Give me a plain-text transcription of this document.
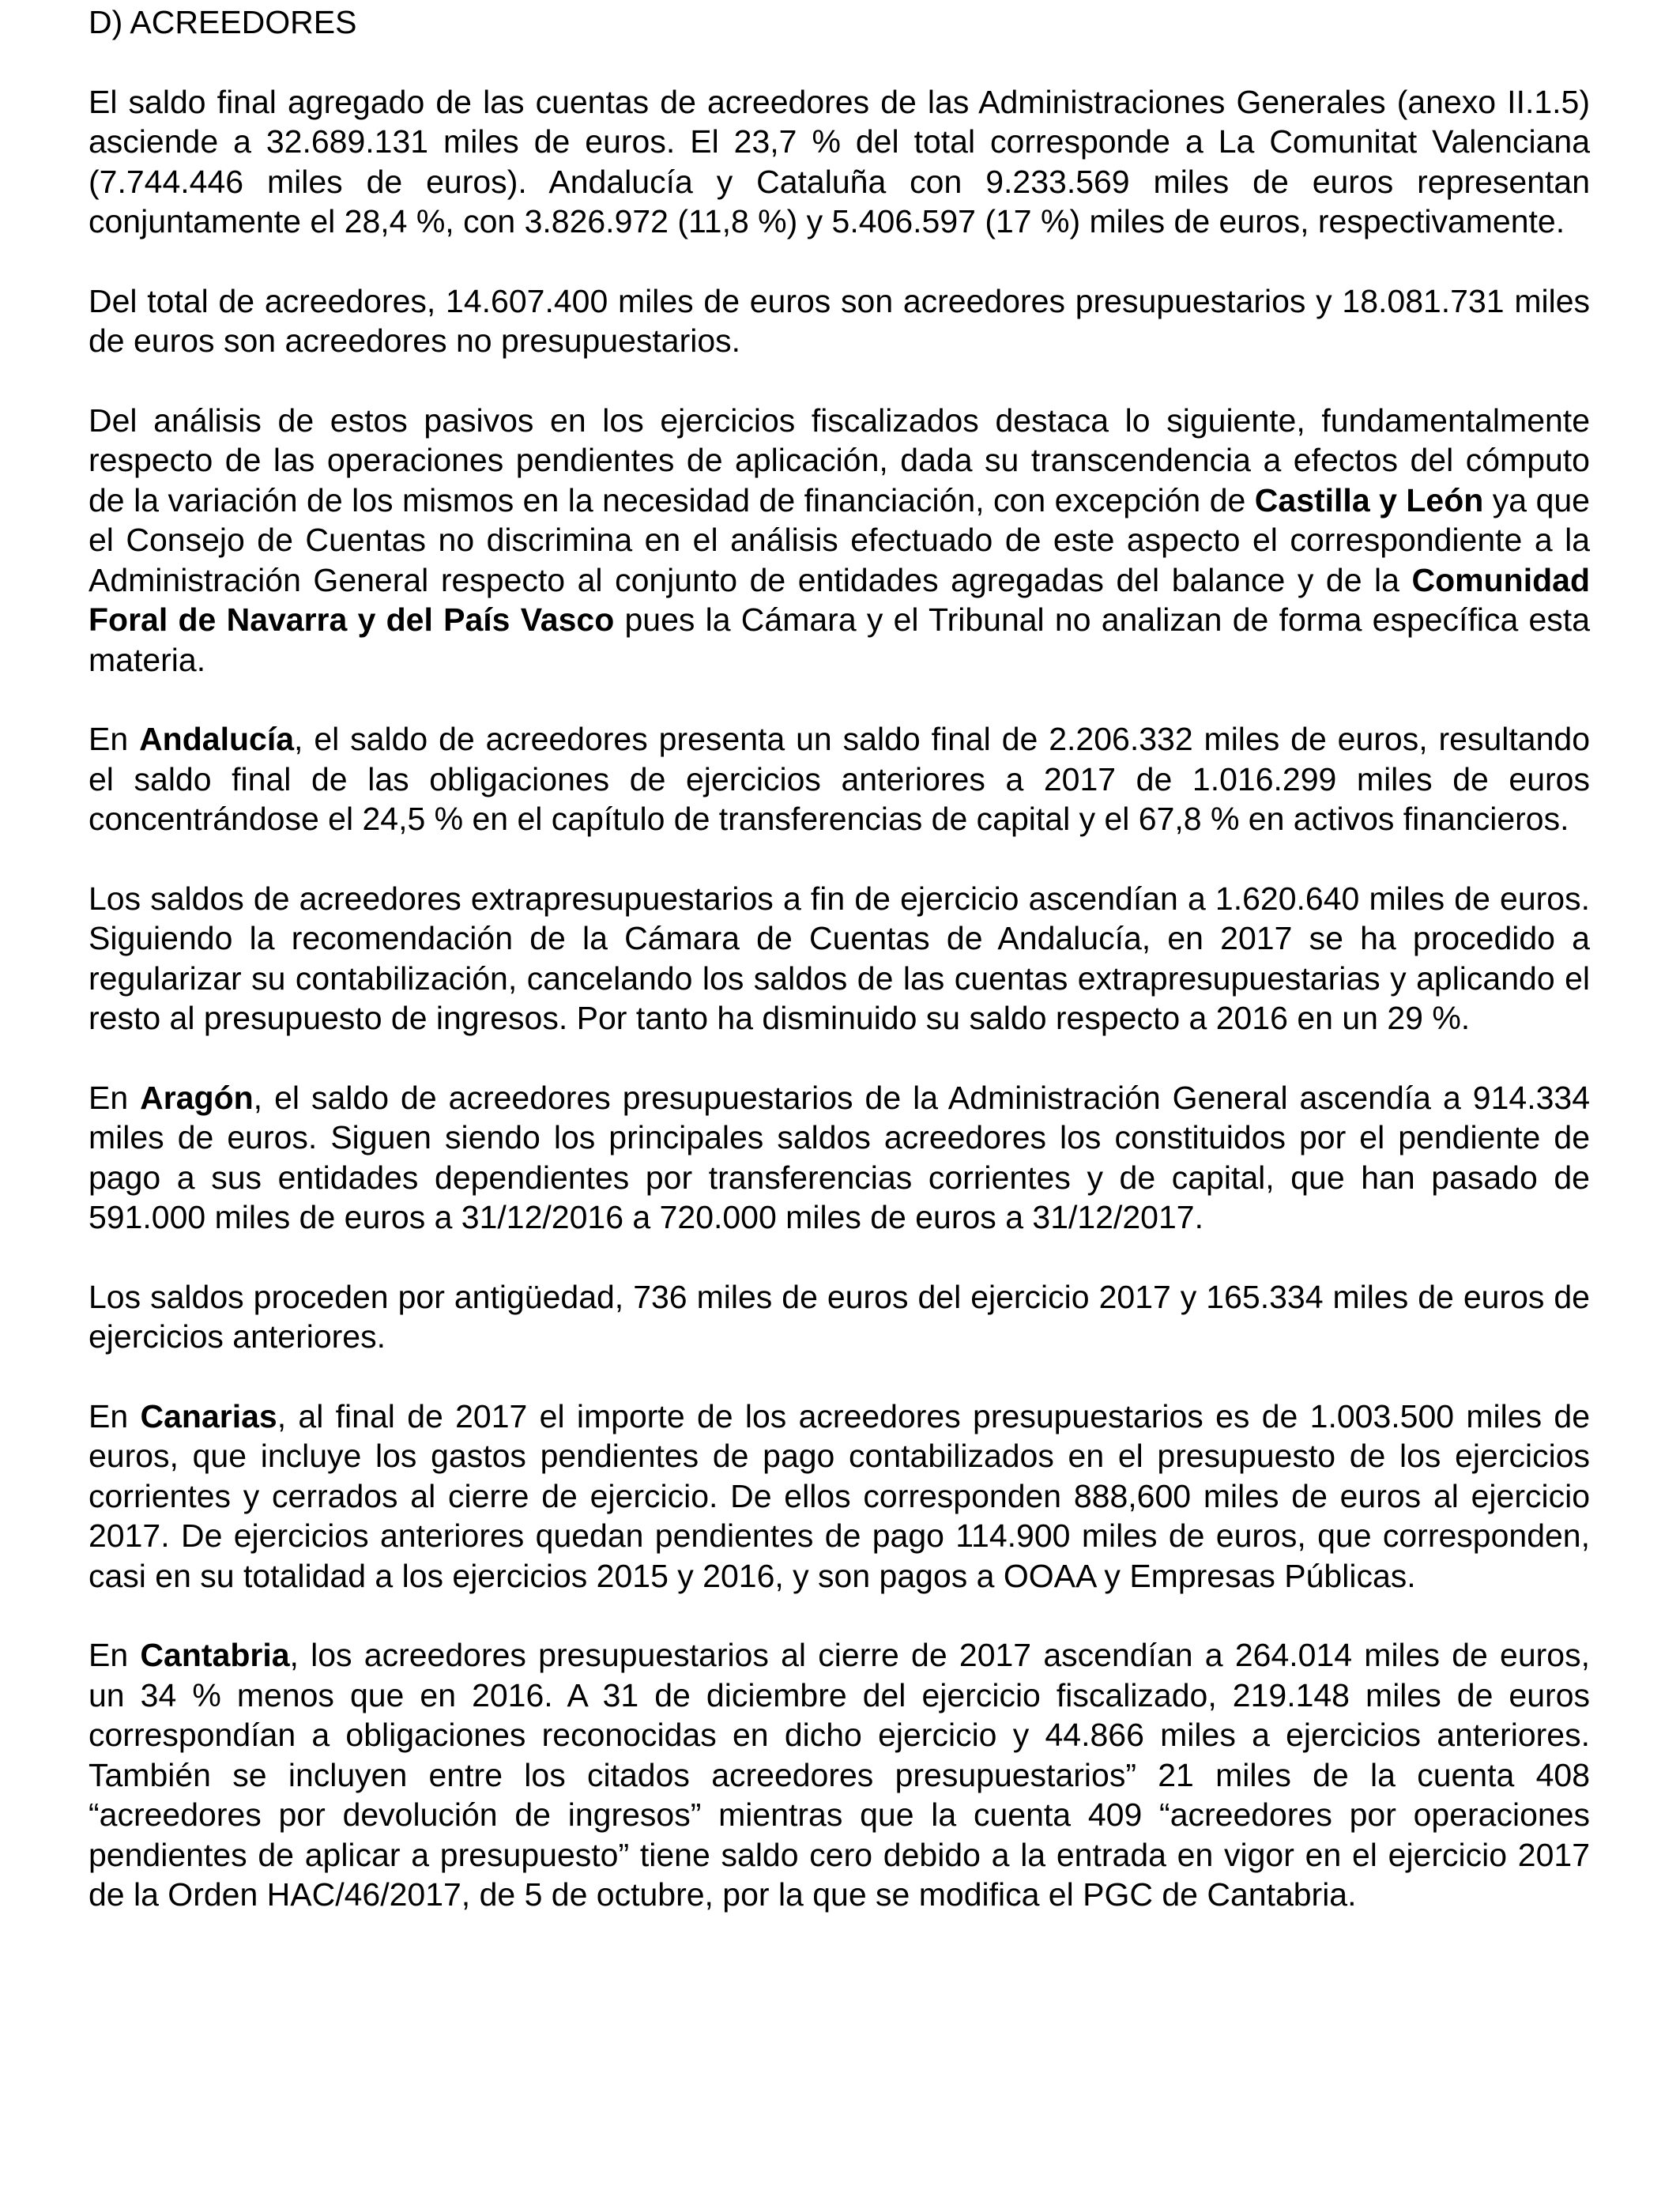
D) ACREEDORES

El saldo final agregado de las cuentas de acreedores de las Administraciones Generales (anexo II.1.5) asciende a 32.689.131 miles de euros. El 23,7 % del total corresponde a La Comunitat Valenciana (7.744.446 miles de euros). Andalucía y Cataluña con 9.233.569 miles de euros representan conjuntamente el 28,4 %, con 3.826.972 (11,8 %) y 5.406.597 (17 %) miles de euros, respectivamente.

Del total de acreedores, 14.607.400 miles de euros son acreedores presupuestarios y 18.081.731 miles de euros son acreedores no presupuestarios.

Del análisis de estos pasivos en los ejercicios fiscalizados destaca lo siguiente, fundamentalmente respecto de las operaciones pendientes de aplicación, dada su transcendencia a efectos del cómputo de la variación de los mismos en la necesidad de financiación, con excepción de Castilla y León ya que el Consejo de Cuentas no discrimina en el análisis efectuado de este aspecto el correspondiente a la Administración General respecto al conjunto de entidades agregadas del balance y de la Comunidad Foral de Navarra y del País Vasco pues la Cámara y el Tribunal no analizan de forma específica esta materia.

En Andalucía, el saldo de acreedores presenta un saldo final de 2.206.332 miles de euros, resultando el saldo final de las obligaciones de ejercicios anteriores a 2017 de 1.016.299 miles de euros concentrándose el 24,5 % en el capítulo de transferencias de capital y el 67,8 % en activos financieros.

Los saldos de acreedores extrapresupuestarios a fin de ejercicio ascendían a 1.620.640 miles de euros. Siguiendo la recomendación de la Cámara de Cuentas de Andalucía, en 2017 se ha procedido a regularizar su contabilización, cancelando los saldos de las cuentas extrapresupuestarias y aplicando el resto al presupuesto de ingresos. Por tanto ha disminuido su saldo respecto a 2016 en un 29 %.

En Aragón, el saldo de acreedores presupuestarios de la Administración General ascendía a 914.334 miles de euros. Siguen siendo los principales saldos acreedores los constituidos por el pendiente de pago a sus entidades dependientes por transferencias corrientes y de capital, que han pasado de 591.000 miles de euros a 31/12/2016 a 720.000 miles de euros a 31/12/2017.

Los saldos proceden por antigüedad, 736 miles de euros del ejercicio 2017 y 165.334 miles de euros de ejercicios anteriores.

En Canarias, al final de 2017 el importe de los acreedores presupuestarios es de 1.003.500 miles de euros, que incluye los gastos pendientes de pago contabilizados en el presupuesto de los ejercicios corrientes y cerrados al cierre de ejercicio. De ellos corresponden 888,600 miles de euros al ejercicio 2017. De ejercicios anteriores quedan pendientes de pago 114.900 miles de euros, que corresponden, casi en su totalidad a los ejercicios 2015 y 2016, y son pagos a OOAA y Empresas Públicas.

En Cantabria, los acreedores presupuestarios al cierre de 2017 ascendían a 264.014 miles de euros, un 34 % menos que en 2016. A 31 de diciembre del ejercicio fiscalizado, 219.148 miles de euros correspondían a obligaciones reconocidas en dicho ejercicio y 44.866 miles a ejercicios anteriores. También se incluyen entre los citados acreedores presupuestarios” 21 miles de la cuenta 408 “acreedores por devolución de ingresos” mientras que la cuenta 409 “acreedores por operaciones pendientes de aplicar a presupuesto” tiene saldo cero debido a la entrada en vigor en el ejercicio 2017 de la Orden HAC/46/2017, de 5 de octubre, por la que se modifica el PGC de Cantabria.
